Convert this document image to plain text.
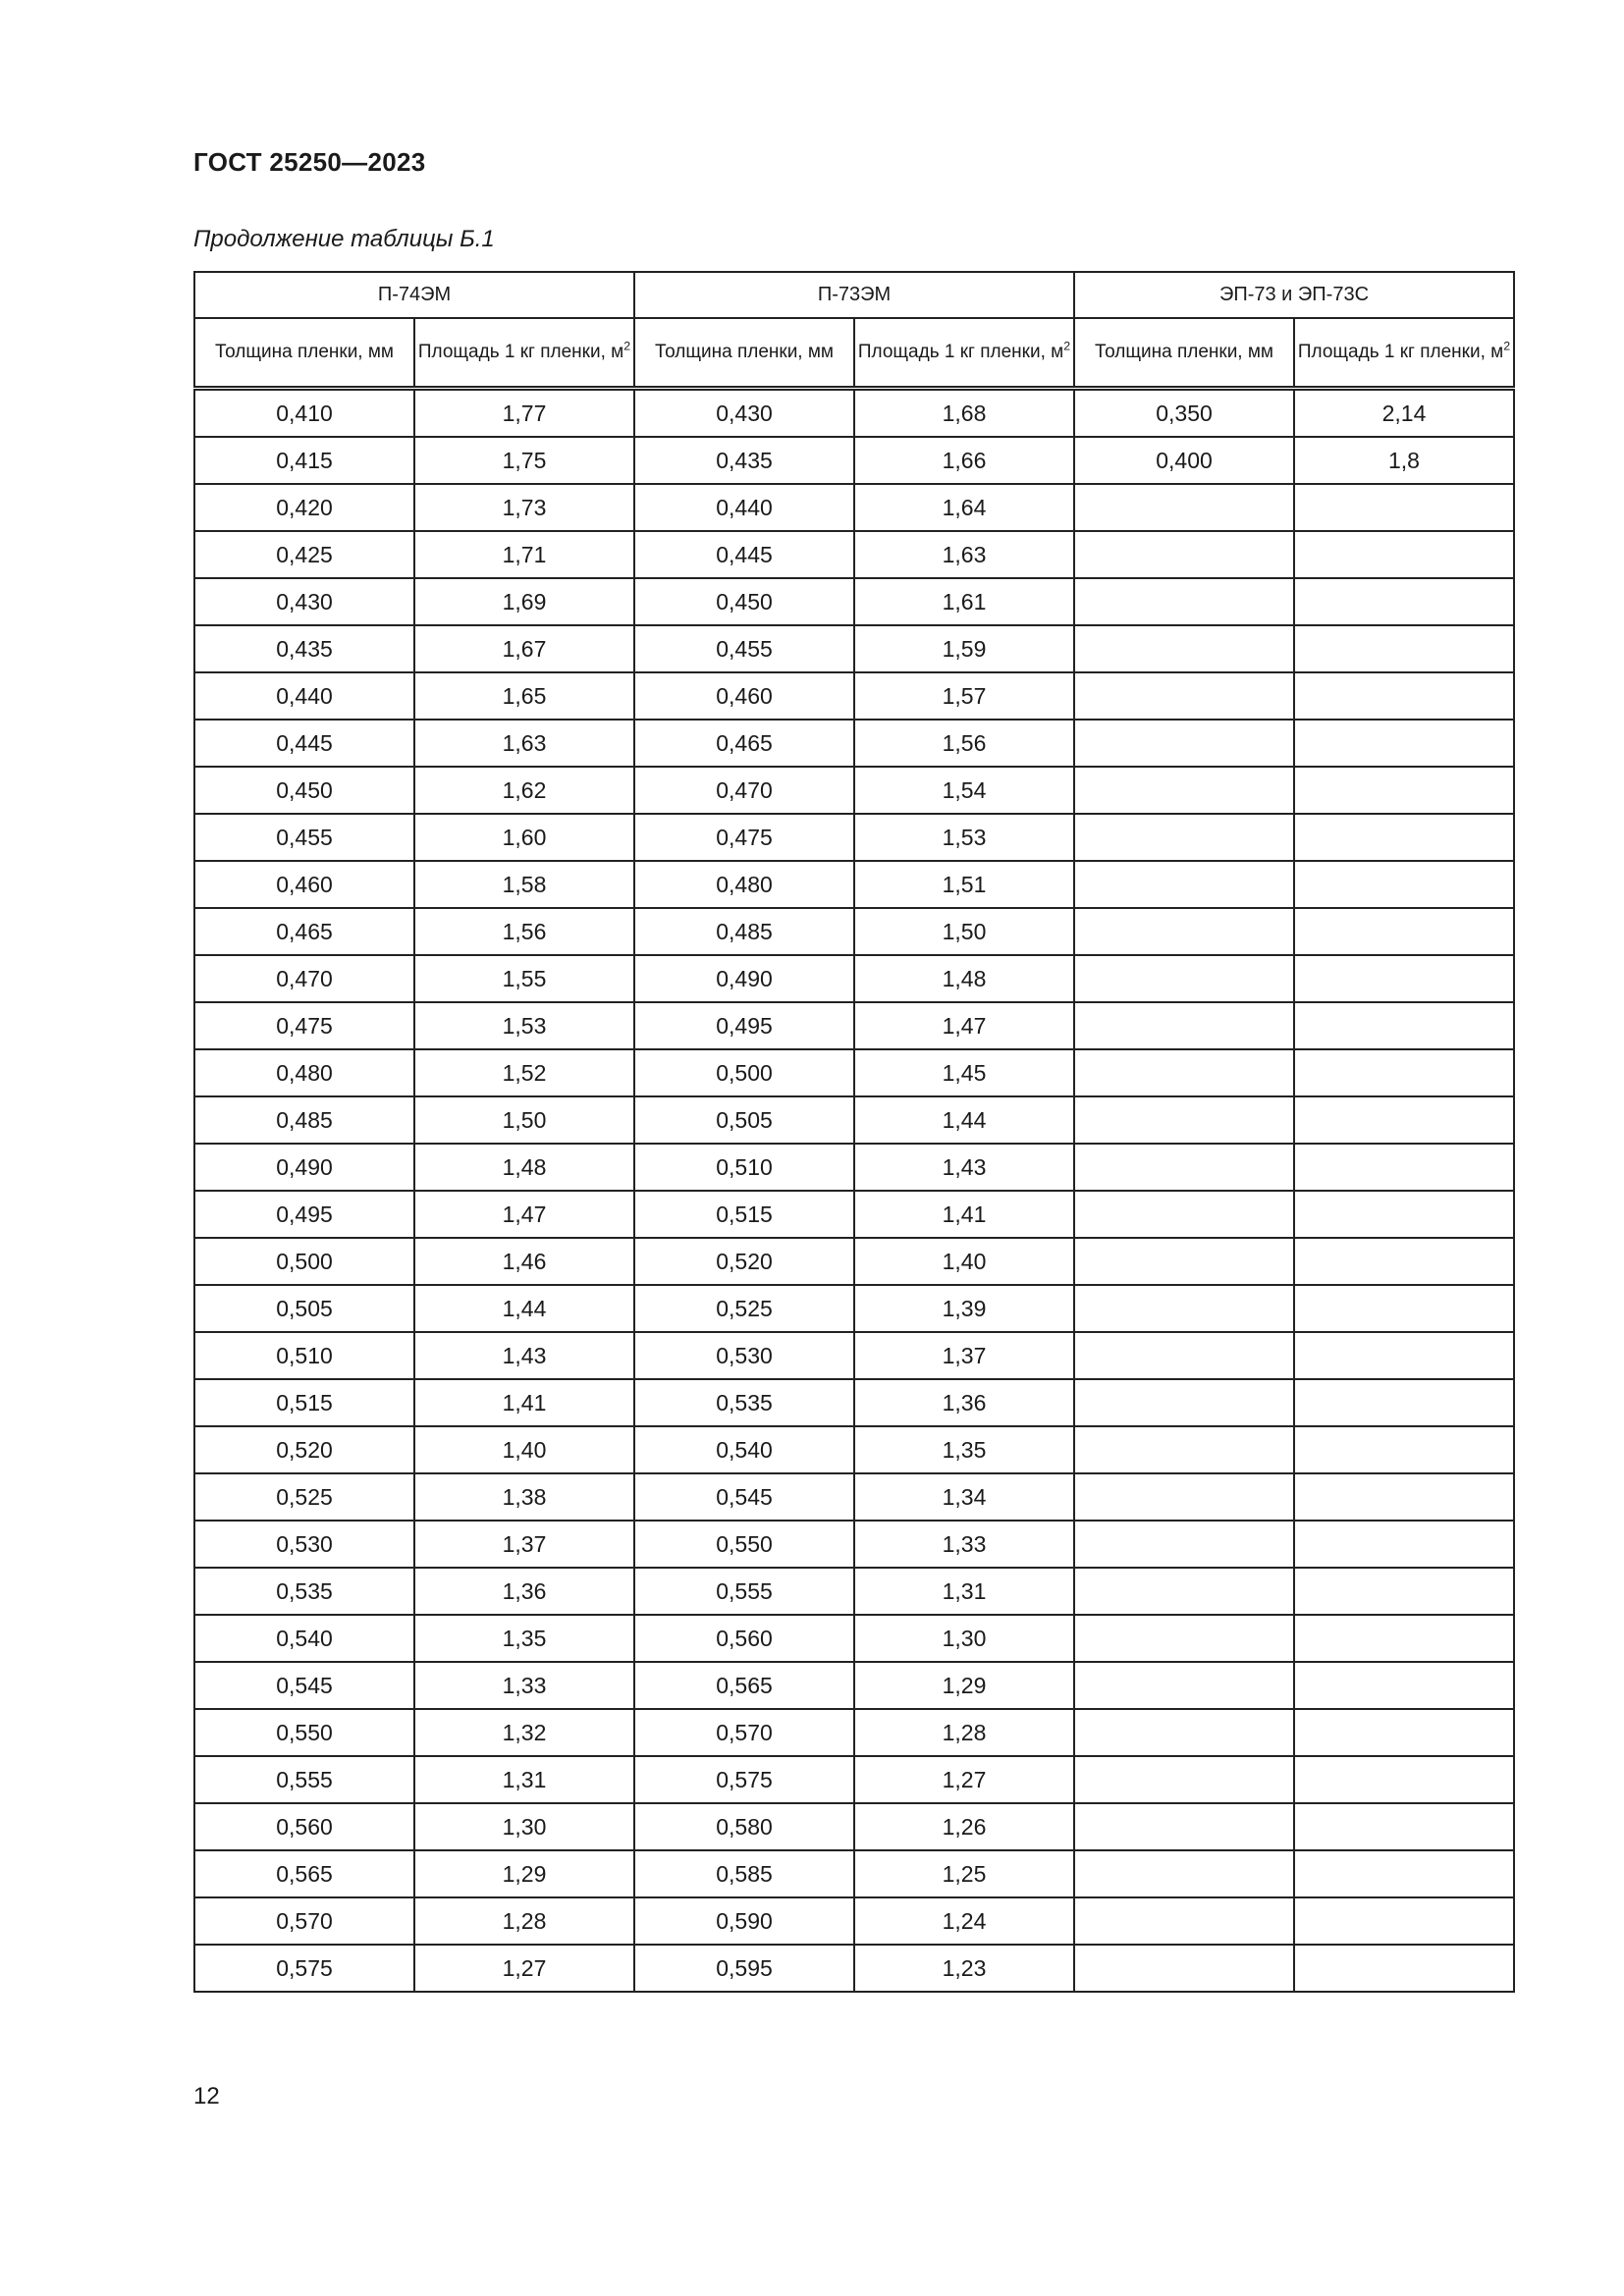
ГОСТ 25250—2023
Продолжение таблицы Б.1
П-74ЭМ		П-73ЭМ		ЭП-73 и ЭП-73С	
Толщина пленки, мм	Площадь 1 кг пленки, $м^2$	Толщина пленки, мм	Площадь 1 кг пленки, $м^2$	Толщина пленки, мм	Площадь 1 кг пленки, $м^2$
0,410	1,77	0,430	1,68	0,350	2,14
0,415	1,75	0,435	1,66	0,400	1,8
0,420	1,73	0,440	1,64		
0,425	1,71	0,445	1,63		
0,430	1,69	0,450	1,61		
0,435	1,67	0,455	1,59		
0,440	1,65	0,460	1,57		
0,445	1,63	0,465	1,56		
0,450	1,62	0,470	1,54		
0,455	1,60	0,475	1,53		
0,460	1,58	0,480	1,51		
0,465	1,56	0,485	1,50		
0,470	1,55	0,490	1,48		
0,475	1,53	0,495	1,47		
0,480	1,52	0,500	1,45		
0,485	1,50	0,505	1,44		
0,490	1,48	0,510	1,43		
0,495	1,47	0,515	1,41		
0,500	1,46	0,520	1,40		
0,505	1,44	0,525	1,39		
0,510	1,43	0,530	1,37		
0,515	1,41	0,535	1,36		
0,520	1,40	0,540	1,35		
0,525	1,38	0,545	1,34		
0,530	1,37	0,550	1,33		
0,535	1,36	0,555	1,31		
0,540	1,35	0,560	1,30		
0,545	1,33	0,565	1,29		
0,550	1,32	0,570	1,28		
0,555	1,31	0,575	1,27		
0,560	1,30	0,580	1,26		
0,565	1,29	0,585	1,25		
0,570	1,28	0,590	1,24		
0,575	1,27	0,595	1,23		
12
